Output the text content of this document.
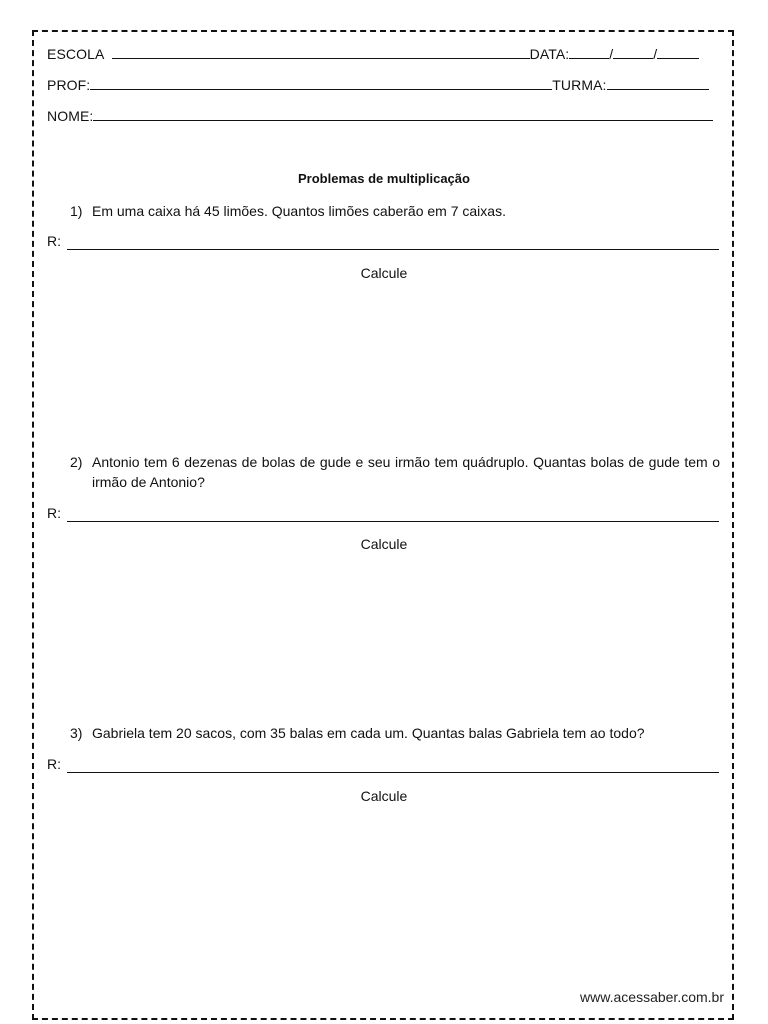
ESCOLA	DATA:	/	/
PROF:	TURMA:
NOME:
Problemas de multiplicação
1) Em uma caixa há 45 limões. Quantos limões caberão em 7 caixas.
R:
Calcule
2) Antonio tem 6 dezenas de bolas de gude e seu irmão tem quádruplo. Quantas bolas de gude tem o irmão de Antonio?
R:
Calcule
3) Gabriela tem 20 sacos, com 35 balas em cada um. Quantas balas Gabriela tem ao todo?
R:
Calcule
www.acessaber.com.br
